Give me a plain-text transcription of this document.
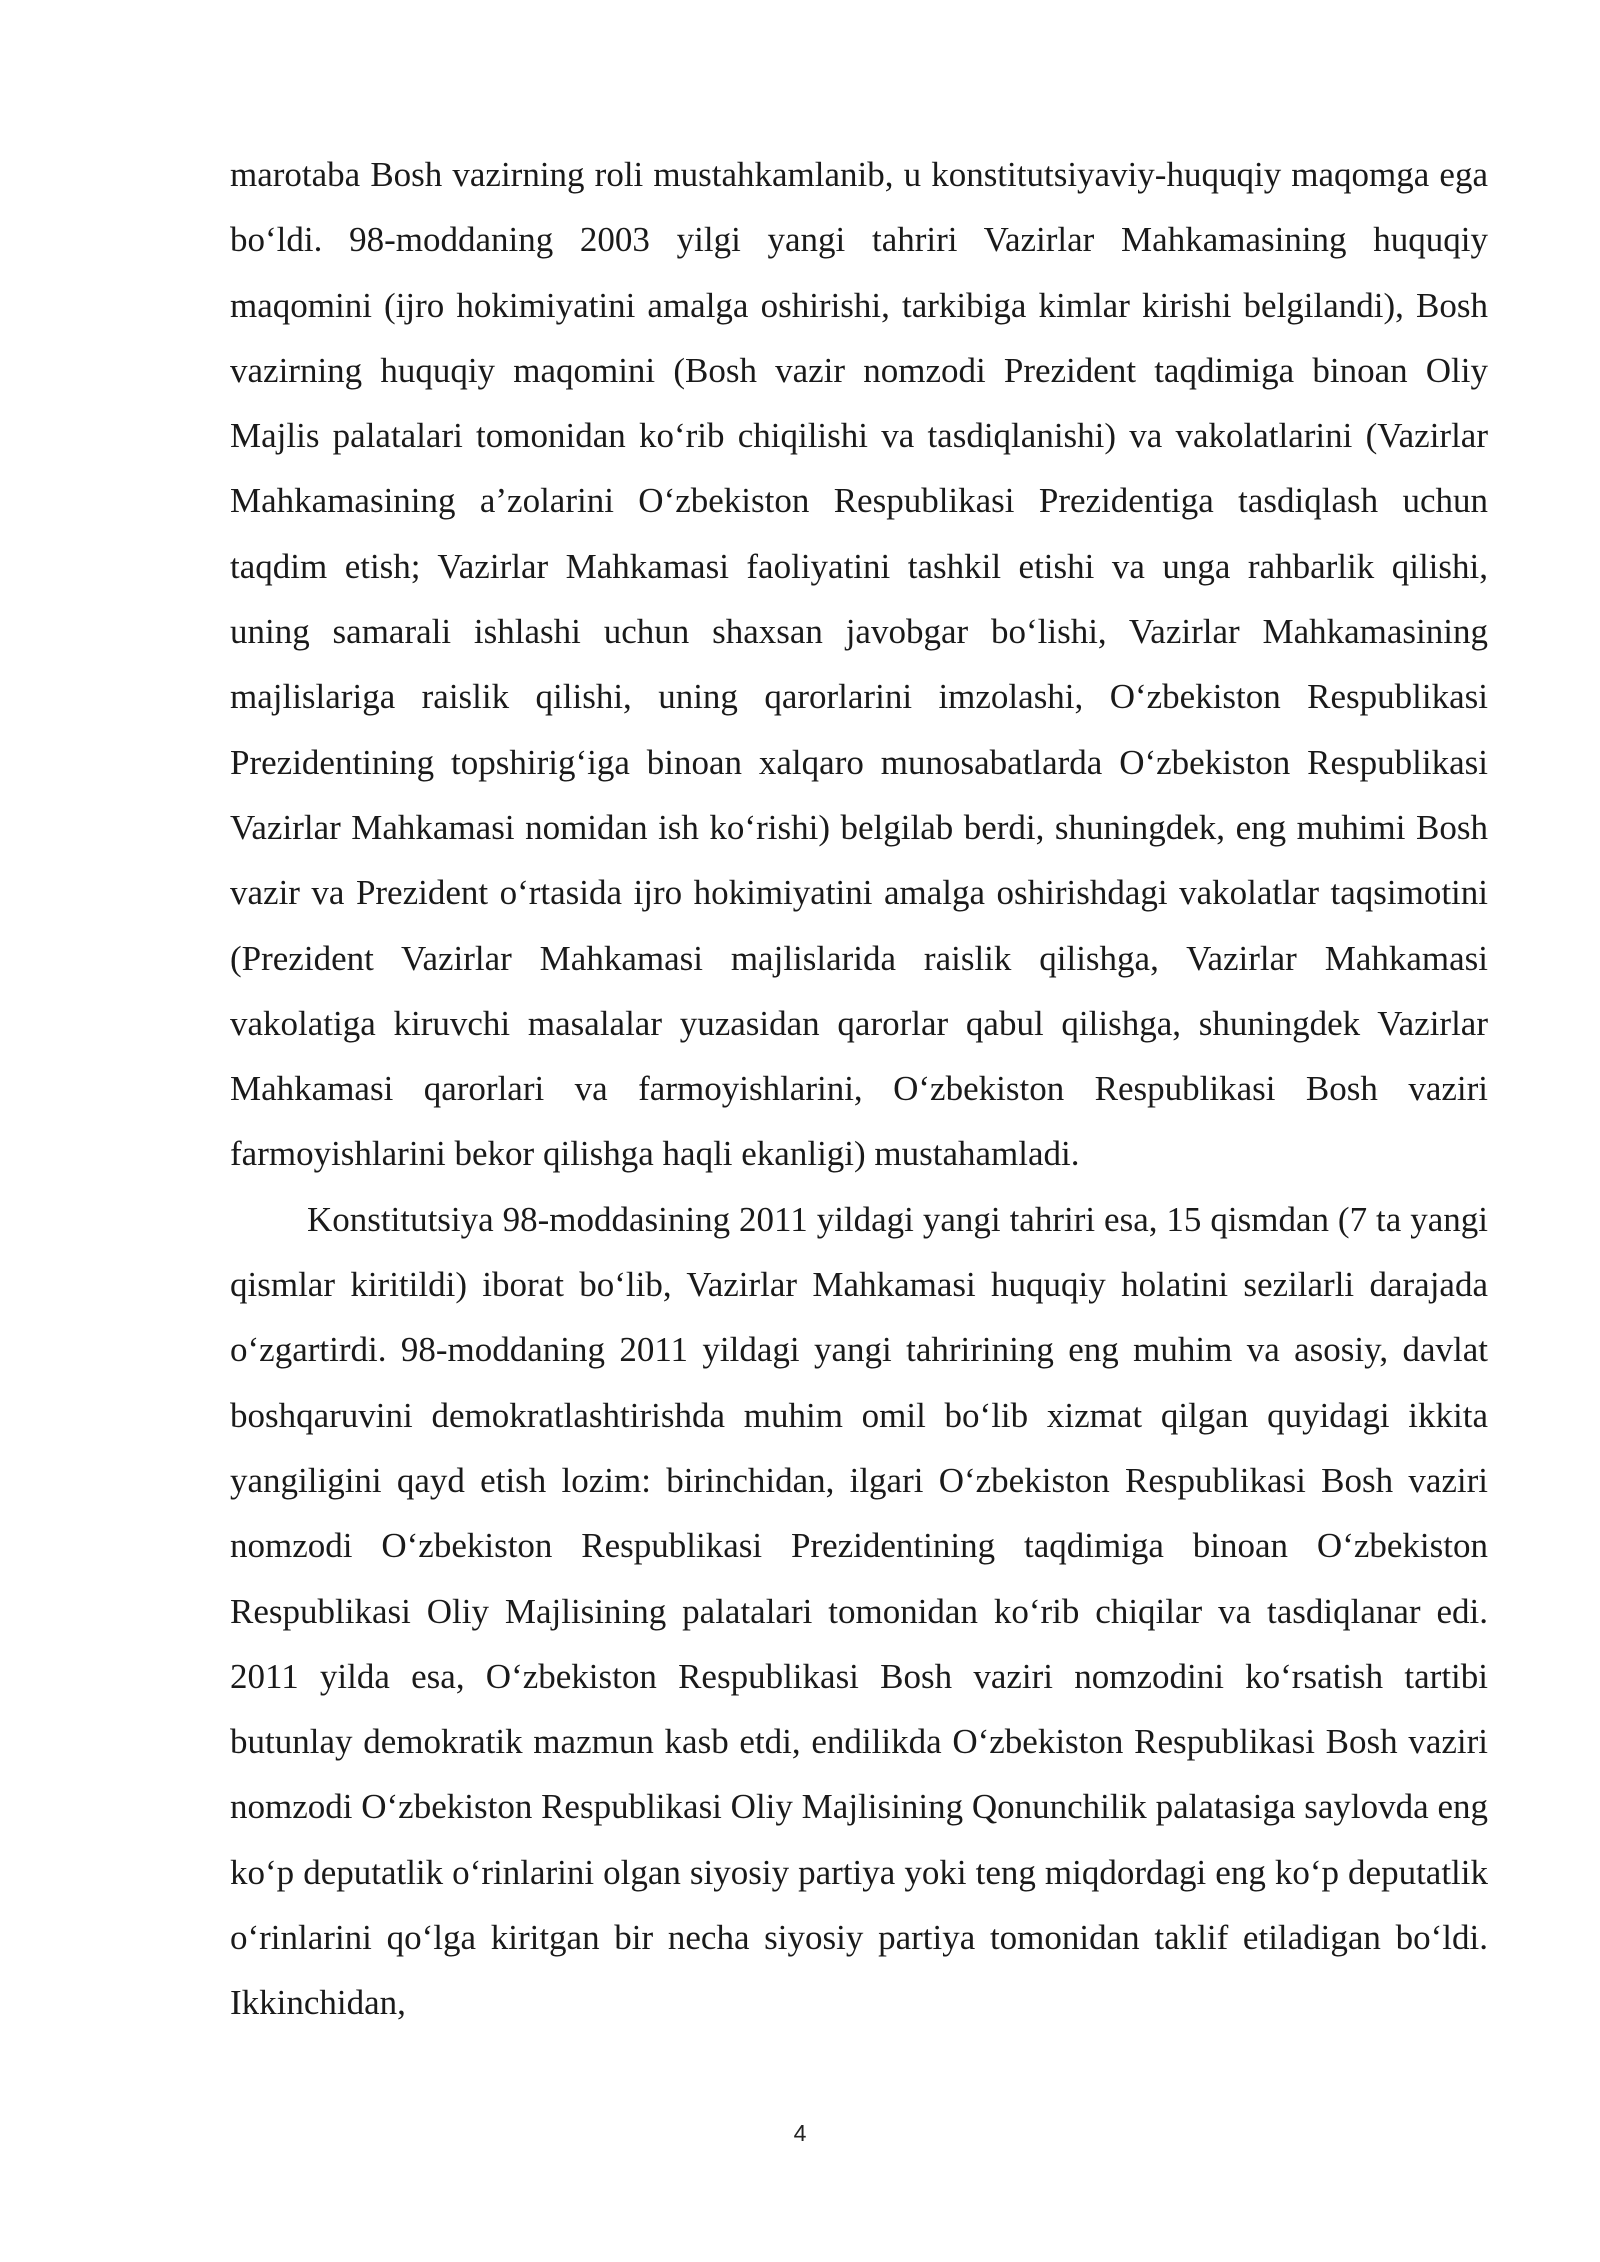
marotaba Bosh vazirning roli mustahkamlanib, u konstitutsiyaviy-huquqiy maqomga ega bo‘ldi. 98-moddaning 2003 yilgi yangi tahriri Vazirlar Mahkamasining huquqiy maqomini (ijro hokimiyatini amalga oshirishi, tarkibiga kimlar kirishi belgilandi), Bosh vazirning huquqiy maqomini (Bosh vazir nomzodi Prezident taqdimiga binoan Oliy Majlis palatalari tomonidan ko‘rib chiqilishi va tasdiqlanishi) va vakolatlarini (Vazirlar Mahkamasining a’zolarini O‘zbekiston Respublikasi Prezidentiga tasdiqlash uchun taqdim etish; Vazirlar Mahkamasi faoliyatini tashkil etishi va unga rahbarlik qilishi, uning samarali ishlashi uchun shaxsan javobgar bo‘lishi, Vazirlar Mahkamasining majlislariga raislik qilishi, uning qarorlarini imzolashi, O‘zbekiston Respublikasi Prezidentining topshirig‘iga binoan xalqaro munosabatlarda O‘zbekiston Respublikasi Vazirlar Mahkamasi nomidan ish ko‘rishi) belgilab berdi, shuningdek, eng muhimi Bosh vazir va Prezident o‘rtasida ijro hokimiyatini amalga oshirishdagi vakolatlar taqsimotini (Prezident Vazirlar Mahkamasi majlislarida raislik qilishga, Vazirlar Mahkamasi vakolatiga kiruvchi masalalar yuzasidan qarorlar qabul qilishga, shuningdek Vazirlar Mahkamasi qarorlari va farmoyishlarini, O‘zbekiston Respublikasi Bosh vaziri farmoyishlarini bekor qilishga haqli ekanligi) mustahamladi.

Konstitutsiya 98-moddasining 2011 yildagi yangi tahriri esa, 15 qismdan (7 ta yangi qismlar kiritildi) iborat bo‘lib, Vazirlar Mahkamasi huquqiy holatini sezilarli darajada o‘zgartirdi. 98-moddaning 2011 yildagi yangi tahririning eng muhim va asosiy, davlat boshqaruvini demokratlashtirishda muhim omil bo‘lib xizmat qilgan quyidagi ikkita yangiligini qayd etish lozim: birinchidan, ilgari O‘zbekiston Respublikasi Bosh vaziri nomzodi O‘zbekiston Respublikasi Prezidentining taqdimiga binoan O‘zbekiston Respublikasi Oliy Majlisining palatalari tomonidan ko‘rib chiqilar va tasdiqlanar edi. 2011 yilda esa, O‘zbekiston Respublikasi Bosh vaziri nomzodini ko‘rsatish tartibi butunlay demokratik mazmun kasb etdi, endilikda O‘zbekiston Respublikasi Bosh vaziri nomzodi O‘zbekiston Respublikasi Oliy Majlisining Qonunchilik palatasiga saylovda eng ko‘p deputatlik o‘rinlarini olgan siyosiy partiya yoki teng miqdordagi eng ko‘p deputatlik o‘rinlarini qo‘lga kiritgan bir necha siyosiy partiya tomonidan taklif etiladigan bo‘ldi. Ikkinchidan,

4
